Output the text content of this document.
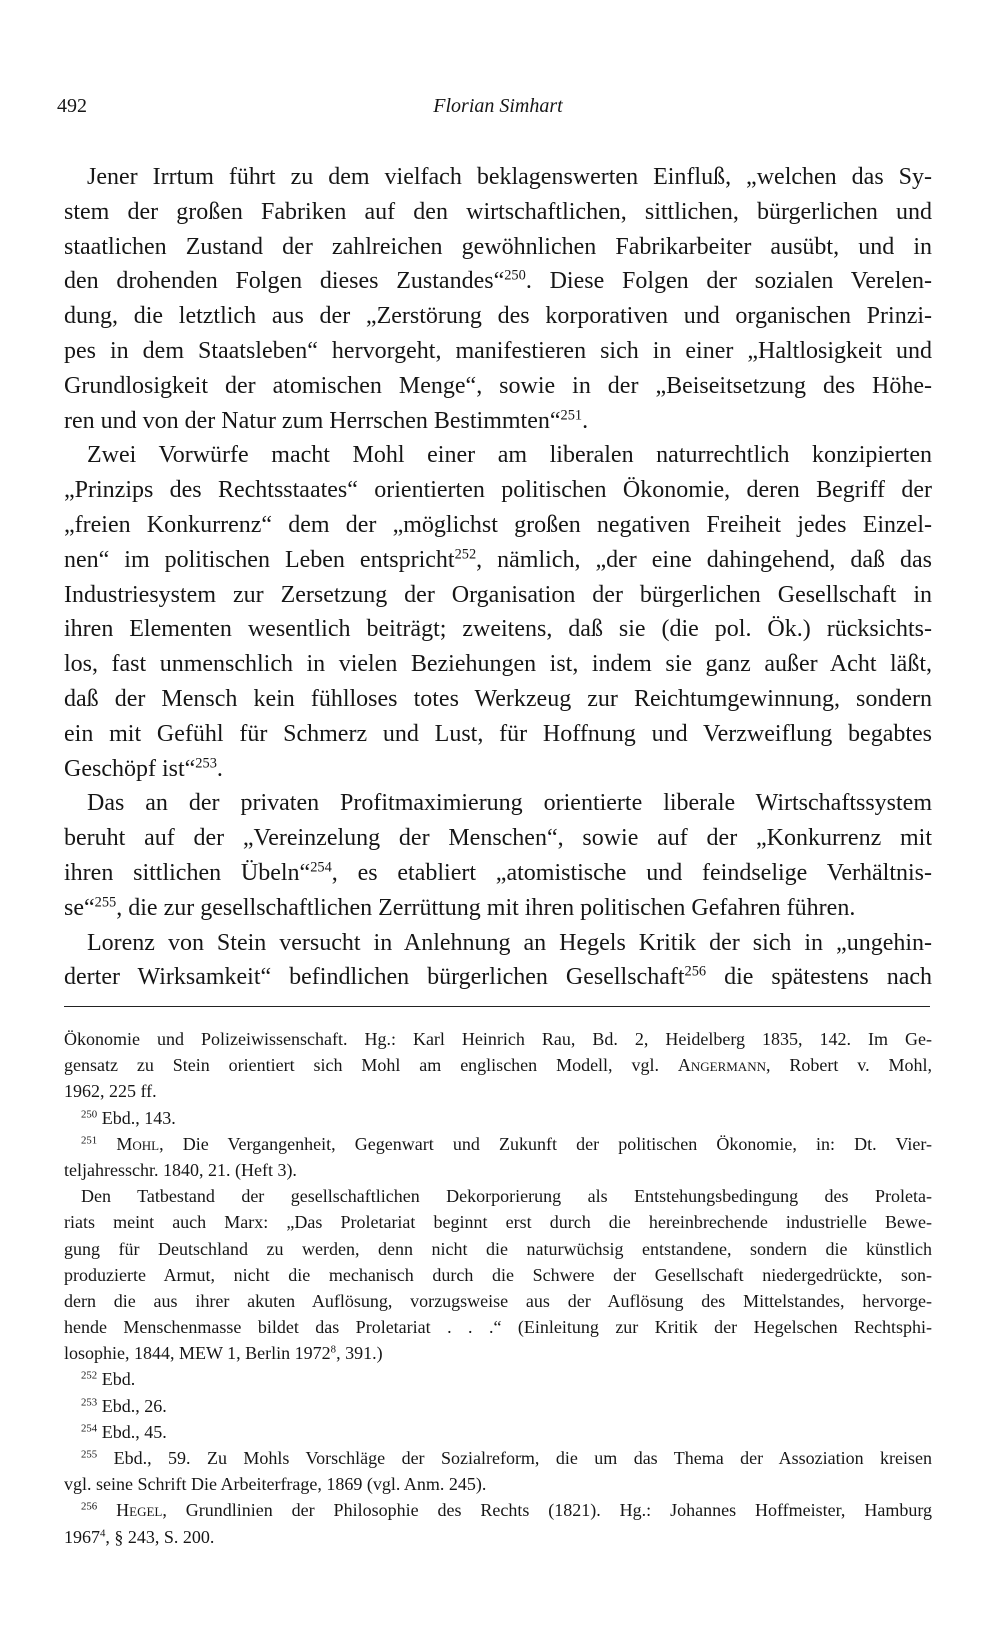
492	Florian Simhart
Jener Irrtum führt zu dem vielfach beklagenswerten Einfluß, „welchen das Sy-
stem der großen Fabriken auf den wirtschaftlichen, sittlichen, bürgerlichen und
staatlichen Zustand der zahlreichen gewöhnlichen Fabrikarbeiter ausübt, und in
den drohenden Folgen dieses Zustandes“$^{250}$. Diese Folgen der sozialen Verelen-
dung, die letztlich aus der „Zerstörung des korporativen und organischen Prinzi-
pes in dem Staatsleben“ hervorgeht, manifestieren sich in einer „Haltlosigkeit und
Grundlosigkeit der atomischen Menge“, sowie in der „Beiseitsetzung des Höhe-
ren und von der Natur zum Herrschen Bestimmten“$^{251}$.
Zwei Vorwürfe macht Mohl einer am liberalen naturrechtlich konzipierten
„Prinzips des Rechtsstaates“ orientierten politischen Ökonomie, deren Begriff der
„freien Konkurrenz“ dem der „möglichst großen negativen Freiheit jedes Einzel-
nen“ im politischen Leben entspricht$^{252}$, nämlich, „der eine dahingehend, daß das
Industriesystem zur Zersetzung der Organisation der bürgerlichen Gesellschaft in
ihren Elementen wesentlich beiträgt; zweitens, daß sie (die pol. Ök.) rücksichts-
los, fast unmenschlich in vielen Beziehungen ist, indem sie ganz außer Acht läßt,
daß der Mensch kein fühlloses totes Werkzeug zur Reichtumgewinnung, sondern
ein mit Gefühl für Schmerz und Lust, für Hoffnung und Verzweiflung begabtes
Geschöpf ist“$^{253}$.
Das an der privaten Profitmaximierung orientierte liberale Wirtschaftssystem
beruht auf der „Vereinzelung der Menschen“, sowie auf der „Konkurrenz mit
ihren sittlichen Übeln“$^{254}$, es etabliert „atomistische und feindselige Verhältnis-
se“$^{255}$, die zur gesellschaftlichen Zerrüttung mit ihren politischen Gefahren führen.
Lorenz von Stein versucht in Anlehnung an Hegels Kritik der sich in „ungehin-
derter Wirksamkeit“ befindlichen bürgerlichen Gesellschaft$^{256}$ die spätestens nach
Ökonomie und Polizeiwissenschaft. Hg.: Karl Heinrich Rau, Bd. 2, Heidelberg 1835, 142. Im Ge-
gensatz zu Stein orientiert sich Mohl am englischen Modell, vgl. Angermann, Robert v. Mohl,
1962, 225 ff.
$^{250}$ Ebd., 143.
$^{251}$ Mohl, Die Vergangenheit, Gegenwart und Zukunft der politischen Ökonomie, in: Dt. Vier-
teljahresschr. 1840, 21. (Heft 3).
Den Tatbestand der gesellschaftlichen Dekorporierung als Entstehungsbedingung des Proleta-
riats meint auch Marx: „Das Proletariat beginnt erst durch die hereinbrechende industrielle Bewe-
gung für Deutschland zu werden, denn nicht die naturwüchsig entstandene, sondern die künstlich
produzierte Armut, nicht die mechanisch durch die Schwere der Gesellschaft niedergedrückte, son-
dern die aus ihrer akuten Auflösung, vorzugsweise aus der Auflösung des Mittelstandes, hervorge-
hende Menschenmasse bildet das Proletariat . . .“ (Einleitung zur Kritik der Hegelschen Rechtsphi-
losophie, 1844, MEW 1, Berlin 1972$^8$, 391.)
$^{252}$ Ebd.
$^{253}$ Ebd., 26.
$^{254}$ Ebd., 45.
$^{255}$ Ebd., 59. Zu Mohls Vorschläge der Sozialreform, die um das Thema der Assoziation kreisen
vgl. seine Schrift Die Arbeiterfrage, 1869 (vgl. Anm. 245).
$^{256}$ Hegel, Grundlinien der Philosophie des Rechts (1821). Hg.: Johannes Hoffmeister, Hamburg
1967$^4$, § 243, S. 200.
